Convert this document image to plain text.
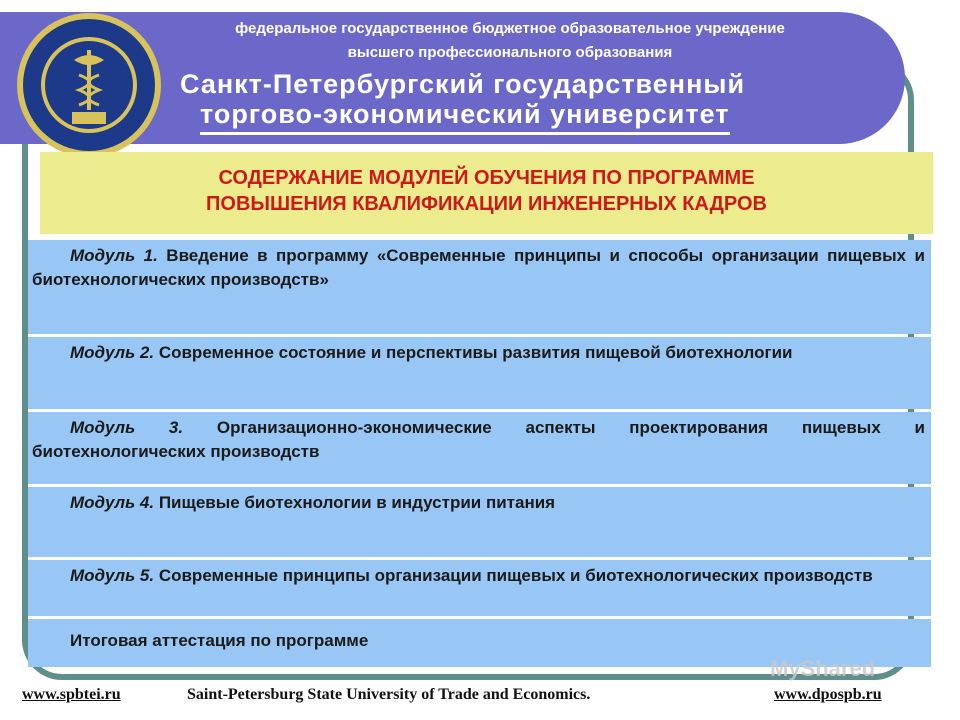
федеральное государственное бюджетное образовательное учреждение
высшего профессионального образования
Санкт-Петербургский государственный
торгово-экономический университет
СОДЕРЖАНИЕ МОДУЛЕЙ ОБУЧЕНИЯ ПО ПРОГРАММЕ
ПОВЫШЕНИЯ КВАЛИФИКАЦИИ ИНЖЕНЕРНЫХ КАДРОВ
Модуль 1. Введение в программу «Современные принципы и способы организации пищевых и биотехнологических производств»
Модуль 2. Современное состояние и перспективы развития пищевой биотехнологии
Модуль 3. Организационно-экономические аспекты проектирования пищевых и биотехнологических производств
Модуль 4. Пищевые биотехнологии в индустрии питания
Модуль 5. Современные принципы организации пищевых и биотехнологических производств
Итоговая аттестация по программе
MyShared
www.spbtei.ru	Saint-Petersburg State University of Trade and Economics.	www.dpospb.ru
